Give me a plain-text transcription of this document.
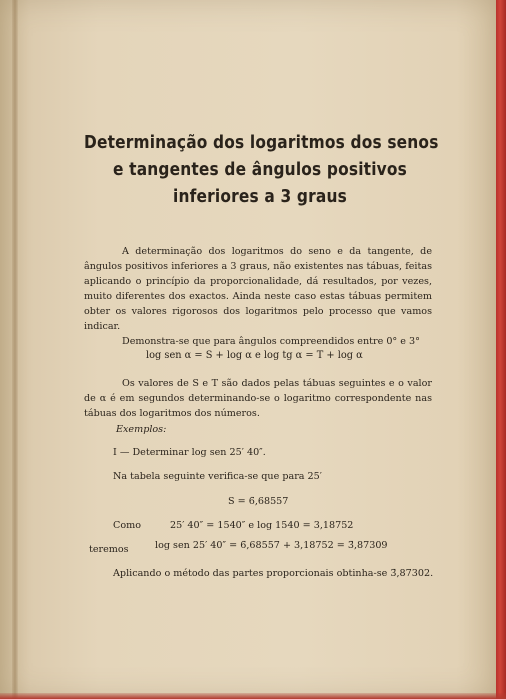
Determinação dos logaritmos dos senos
e tangentes de ângulos positivos
inferiores a 3 graus

A determinação dos logaritmos do seno e da tangente, de ângulos positivos inferiores a 3 graus, não existentes nas tábuas, feitas aplicando o princípio da proporcionalidade, dá resultados, por vezes, muito diferentes dos exactos. Ainda neste caso estas tábuas permitem obter os valores rigorosos dos logaritmos pelo processo que vamos indicar.

Demonstra-se que para ângulos compreendidos entre 0° e 3°

log sen α = S + log α e log tg α = T + log α

Os valores de S e T são dados pelas tábuas seguintes e o valor de α é em segundos determinando-se o logaritmo correspondente nas tábuas dos logaritmos dos números.

Exemplos:
I — Determinar log sen 25′ 40″.
Na tabela seguinte verifica-se que para 25′
S = 6̄,68557
Como	25′ 40″ = 1540″ e log 1540 = 3,18752
teremos	log sen 25′ 40″ = 6̄,68557 + 3,18752 = 3̄,87309
Aplicando o método das partes proporcionais obtinha-se 3̄,87302.
